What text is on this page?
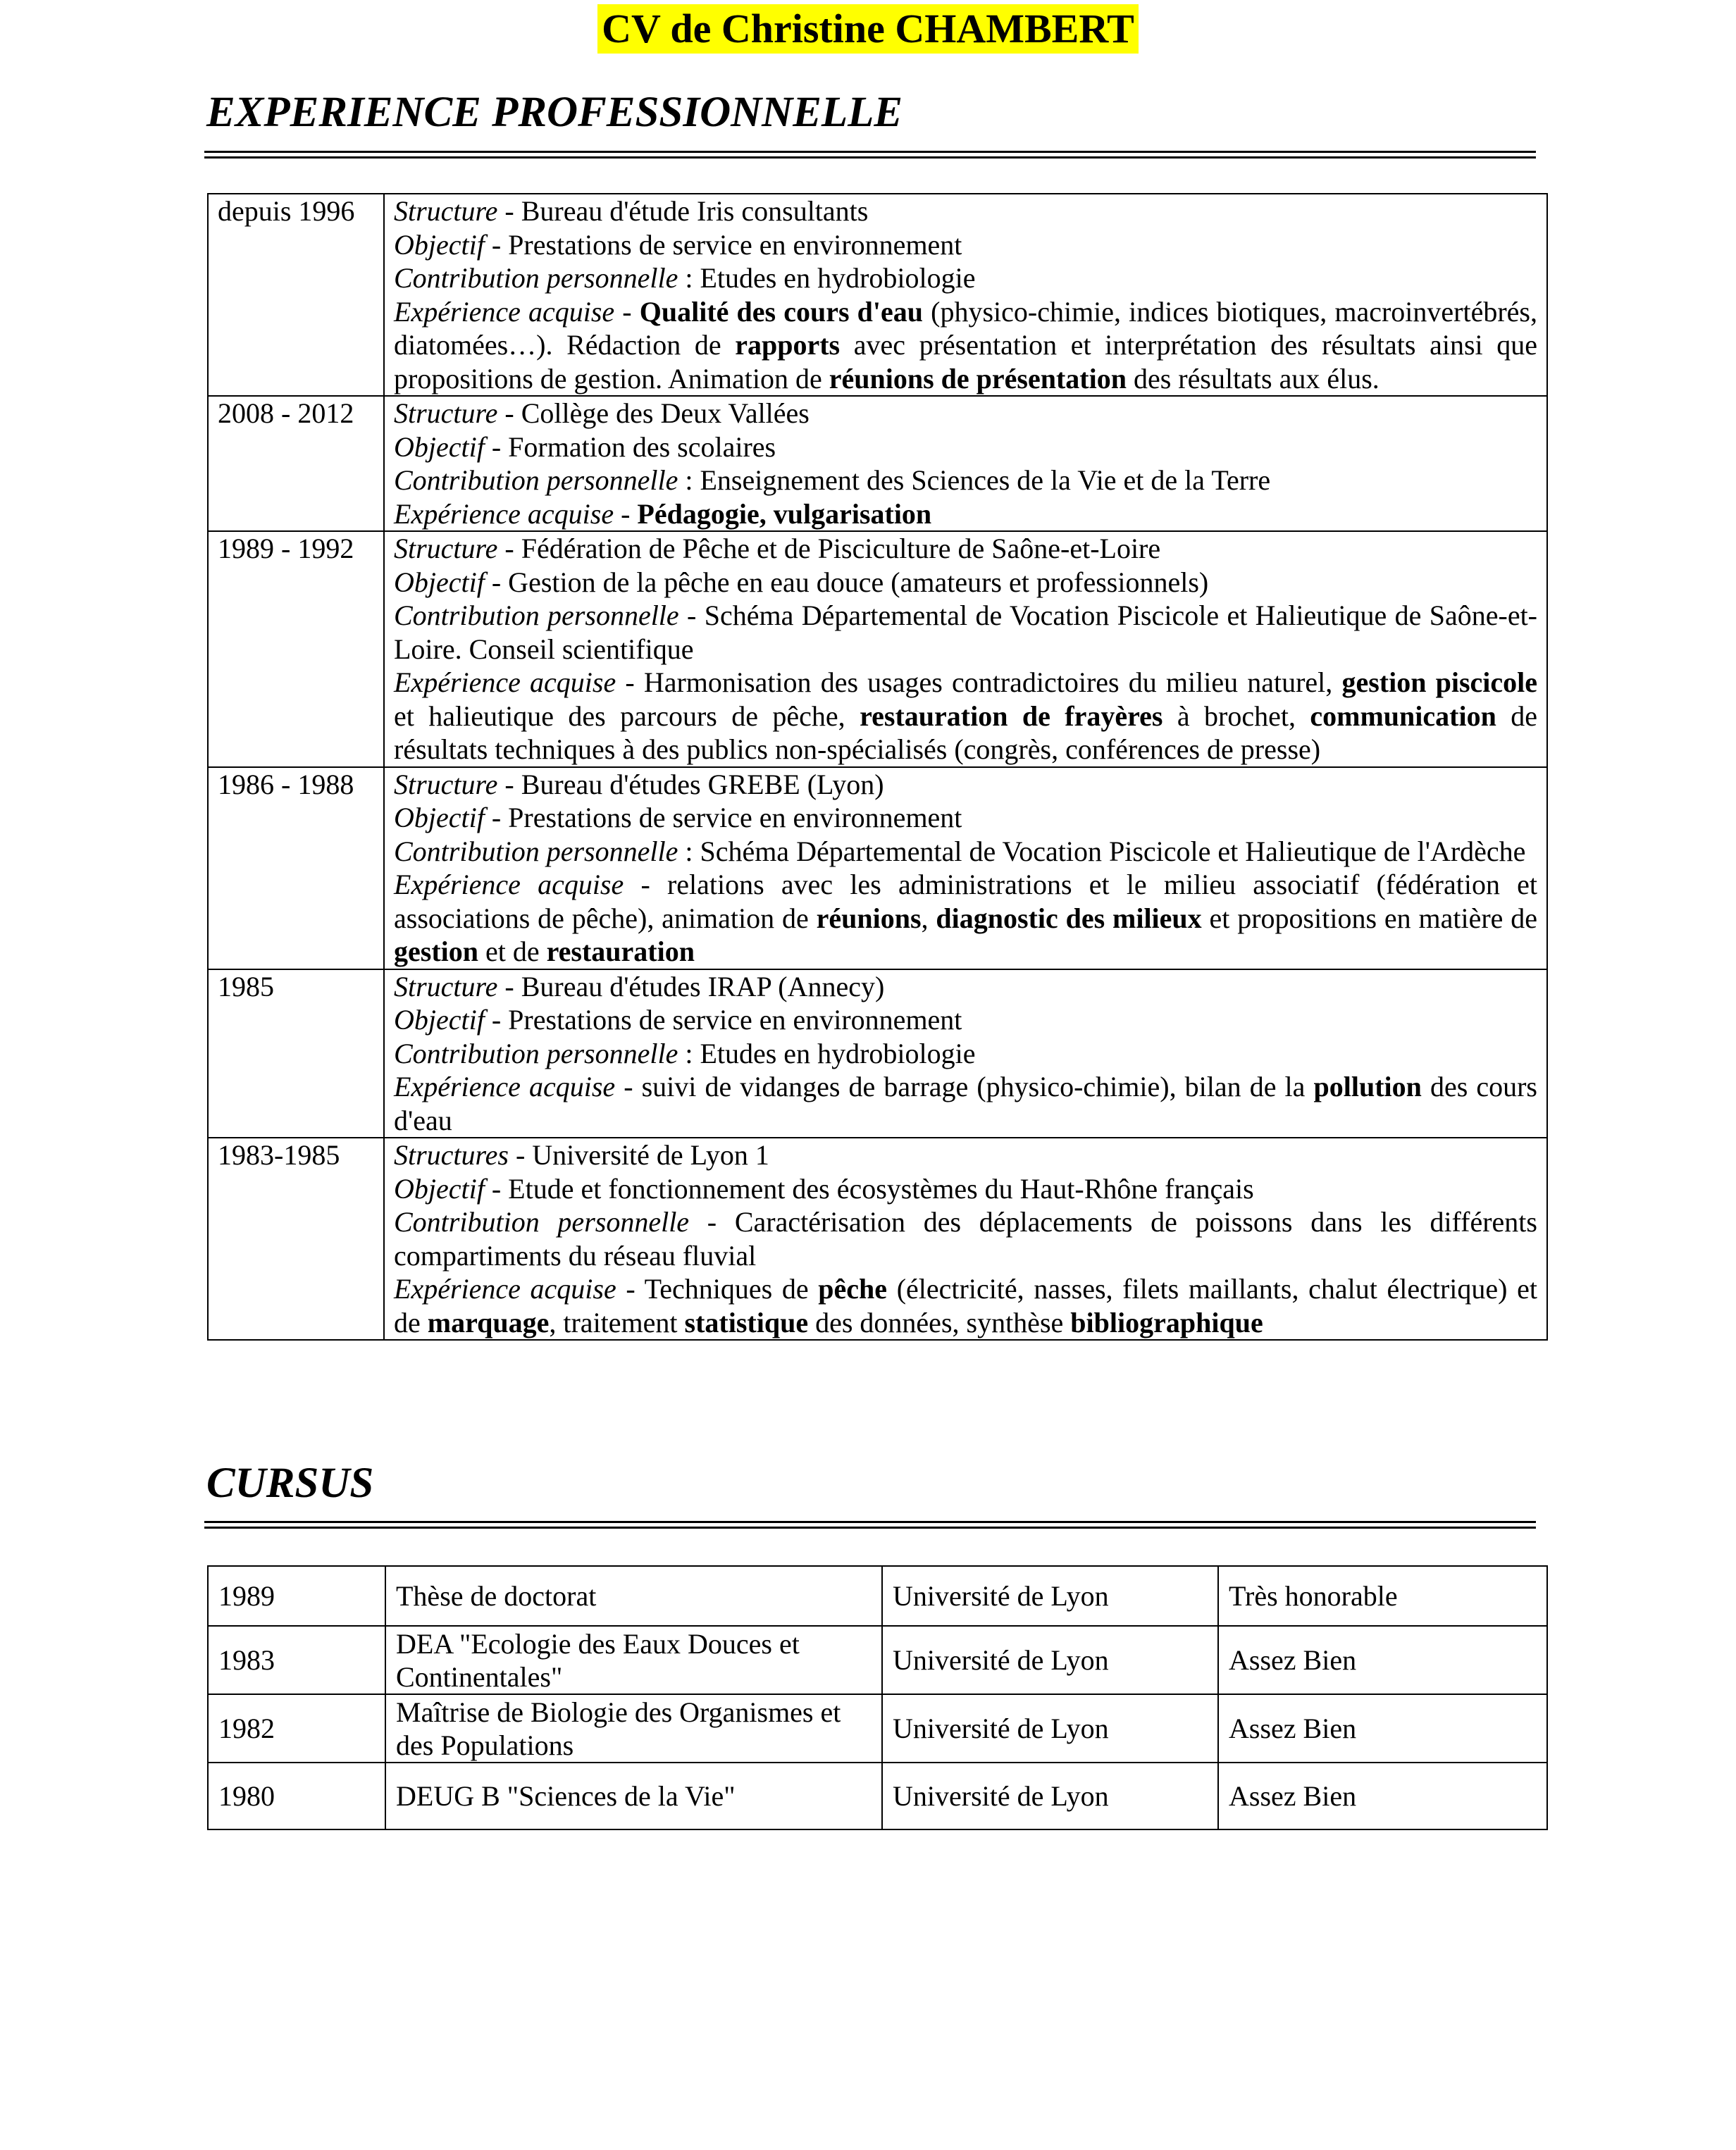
CV de Christine CHAMBERT
EXPERIENCE PROFESSIONNELLE
depuis 1996	Structure - Bureau d'étude Iris consultants
Objectif - Prestations de service en environnement
Contribution personnelle : Etudes en hydrobiologie
Expérience acquise - Qualité des cours d'eau (physico-chimie, indices biotiques, macroinvertébrés, diatomées…). Rédaction de rapports avec présentation et interprétation des résultats ainsi que propositions de gestion. Animation de réunions de présentation des résultats aux élus.

2008 - 2012	Structure - Collège des Deux Vallées
Objectif - Formation des scolaires
Contribution personnelle : Enseignement des Sciences de la Vie et de la Terre
Expérience acquise - Pédagogie, vulgarisation

1989 - 1992	Structure - Fédération de Pêche et de Pisciculture de Saône-et-Loire
Objectif - Gestion de la pêche en eau douce (amateurs et professionnels)
Contribution personnelle - Schéma Départemental de Vocation Piscicole et Halieutique de Saône-et-Loire. Conseil scientifique
Expérience acquise - Harmonisation des usages contradictoires du milieu naturel, gestion piscicole et halieutique des parcours de pêche, restauration de frayères à brochet, communication de résultats techniques à des publics non-spécialisés (congrès, conférences de presse)

1986 - 1988	Structure - Bureau d'études GREBE (Lyon)
Objectif - Prestations de service en environnement
Contribution personnelle : Schéma Départemental de Vocation Piscicole et Halieutique de l'Ardèche
Expérience acquise - relations avec les administrations et le milieu associatif (fédération et associations de pêche), animation de réunions, diagnostic des milieux et propositions en matière de gestion et de restauration

1985	Structure - Bureau d'études IRAP (Annecy)
Objectif - Prestations de service en environnement
Contribution personnelle : Etudes en hydrobiologie
Expérience acquise - suivi de vidanges de barrage (physico-chimie), bilan de la pollution des cours d'eau

1983-1985	Structures - Université de Lyon 1
Objectif - Etude et fonctionnement des écosystèmes du Haut-Rhône français
Contribution personnelle - Caractérisation des déplacements de poissons dans les différents compartiments du réseau fluvial
Expérience acquise - Techniques de pêche (électricité, nasses, filets maillants, chalut électrique) et de marquage, traitement statistique des données, synthèse bibliographique
CURSUS
1989	Thèse de doctorat	Université de Lyon	Très honorable
1983	DEA "Ecologie des Eaux Douces et Continentales"	Université de Lyon	Assez Bien
1982	Maîtrise de Biologie des Organismes et des Populations	Université de Lyon	Assez Bien
1980	DEUG B "Sciences de la Vie"	Université de Lyon	Assez Bien
